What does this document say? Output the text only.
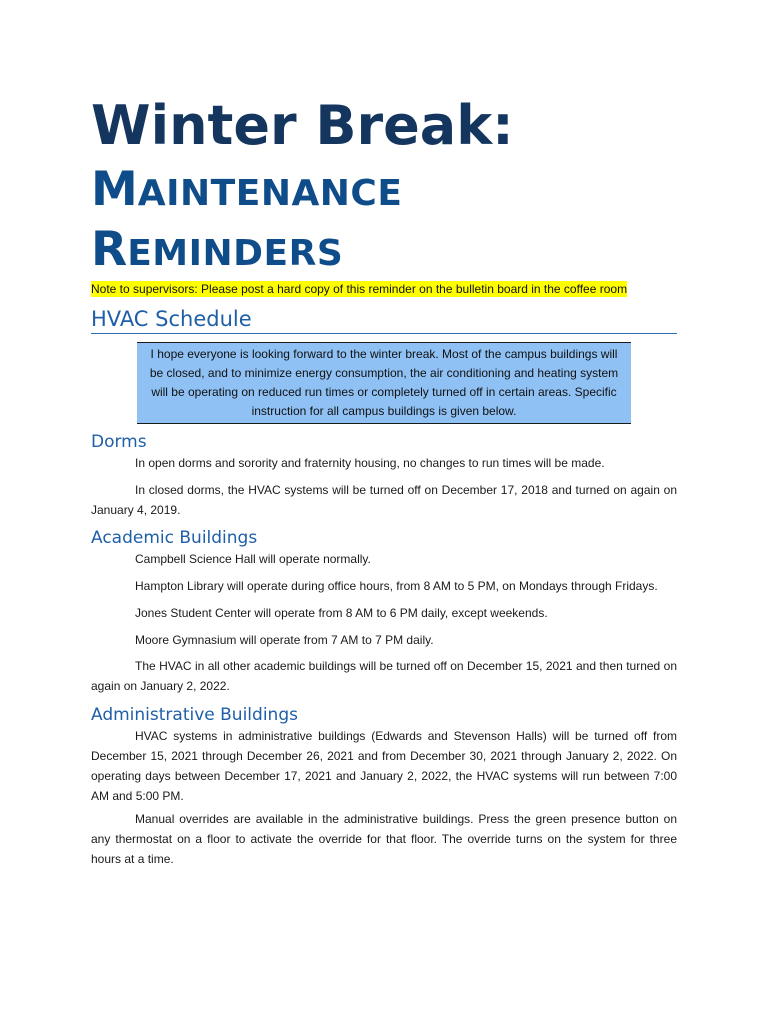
Winter Break:
MAINTENANCE
REMINDERS
Note to supervisors: Please post a hard copy of this reminder on the bulletin board in the coffee room
HVAC Schedule
I hope everyone is looking forward to the winter break. Most of the campus buildings will be closed, and to minimize energy consumption, the air conditioning and heating system will be operating on reduced run times or completely turned off in certain areas. Specific instruction for all campus buildings is given below.
Dorms

In open dorms and sorority and fraternity housing, no changes to run times will be made.

In closed dorms, the HVAC systems will be turned off on December 17, 2018 and turned on again on January 4, 2019.

Academic Buildings

Campbell Science Hall will operate normally.

Hampton Library will operate during office hours, from 8 AM to 5 PM, on Mondays through Fridays.

Jones Student Center will operate from 8 AM to 6 PM daily, except weekends.

Moore Gymnasium will operate from 7 AM to 7 PM daily.

The HVAC in all other academic buildings will be turned off on December 15, 2021 and then turned on again on January 2, 2022.

Administrative Buildings

HVAC systems in administrative buildings (Edwards and Stevenson Halls) will be turned off from December 15, 2021 through December 26, 2021 and from December 30, 2021 through January 2, 2022. On operating days between December 17, 2021 and January 2, 2022, the HVAC systems will run between 7:00 AM and 5:00 PM.

Manual overrides are available in the administrative buildings. Press the green presence button on any thermostat on a floor to activate the override for that floor. The override turns on the system for three hours at a time.
